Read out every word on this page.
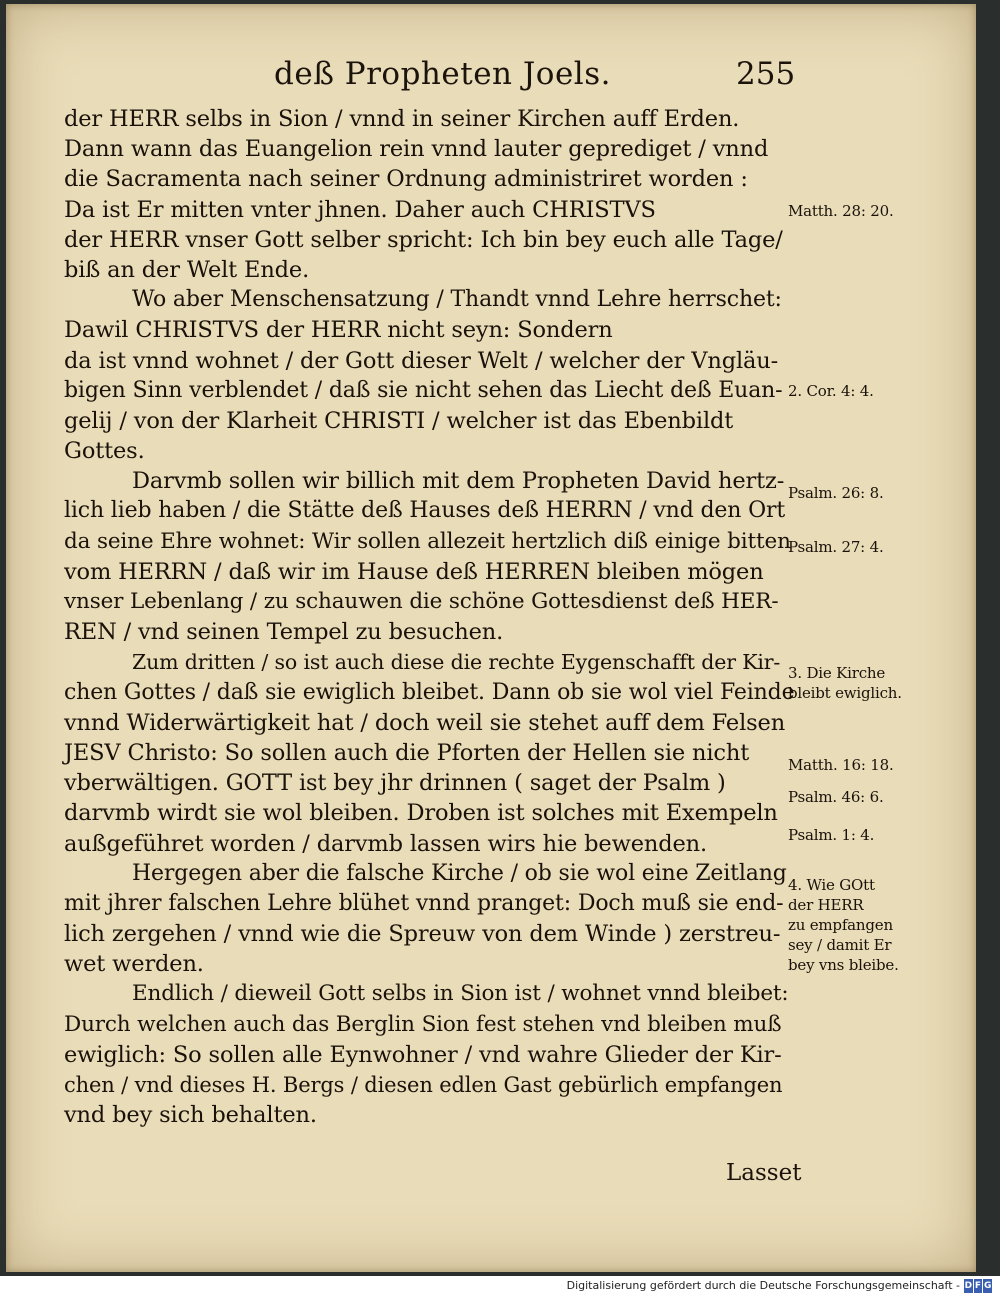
deß Propheten Joels.	255
der HERR selbs in Sion / vnnd in seiner Kirchen auff Erden.
Dann wann das Euangelion rein vnnd lauter geprediget / vnnd
die Sacramenta nach seiner Ordnung administriret worden :
Da ist Er mitten vnter jhnen. Daher auch CHRISTVS
der HERR vnser Gott selber spricht: Ich bin bey euch alle Tage/
biß an der Welt Ende.
Wo aber Menschensatzung / Thandt vnnd Lehre herrschet:
Dawil CHRISTVS der HERR nicht seyn: Sondern
da ist vnnd wohnet / der Gott dieser Welt / welcher der Vngläu-
bigen Sinn verblendet / daß sie nicht sehen das Liecht deß Euan-
gelij / von der Klarheit CHRISTI / welcher ist das Ebenbildt
Gottes.
Darvmb sollen wir billich mit dem Propheten David hertz-
lich lieb haben / die Stätte deß Hauses deß HERRN / vnd den Ort
da seine Ehre wohnet: Wir sollen allezeit hertzlich diß einige bitten
vom HERRN / daß wir im Hause deß HERREN bleiben mögen
vnser Lebenlang / zu schauwen die schöne Gottesdienst deß HER-
REN / vnd seinen Tempel zu besuchen.
Zum dritten / so ist auch diese die rechte Eygenschafft der Kir-
chen Gottes / daß sie ewiglich bleibet. Dann ob sie wol viel Feinde
vnnd Widerwärtigkeit hat / doch weil sie stehet auff dem Felsen
JESV Christo: So sollen auch die Pforten der Hellen sie nicht
vberwältigen. GOTT ist bey jhr drinnen ( saget der Psalm )
darvmb wirdt sie wol bleiben. Droben ist solches mit Exempeln
außgeführet worden / darvmb lassen wirs hie bewenden.
Hergegen aber die falsche Kirche / ob sie wol eine Zeitlang
mit jhrer falschen Lehre blühet vnnd pranget: Doch muß sie end-
lich zergehen / vnnd wie die Spreuw von dem Winde ) zerstreu-
wet werden.
Endlich / dieweil Gott selbs in Sion ist / wohnet vnnd bleibet:
Durch welchen auch das Berglin Sion fest stehen vnd bleiben muß
ewiglich: So sollen alle Eynwohner / vnd wahre Glieder der Kir-
chen / vnd dieses H. Bergs / diesen edlen Gast gebürlich empfangen
vnd bey sich behalten.
Matth. 28: 20.
2. Cor. 4: 4.
Psalm. 26: 8.
Psalm. 27: 4.
3. Die Kirche
bleibt ewiglich.
Matth. 16: 18.
Psalm. 46: 6.
Psalm. 1: 4.
4. Wie GOtt
der HERR
zu empfangen
sey / damit Er
bey vns bleibe.
Lasset
Digitalisierung gefördert durch die Deutsche Forschungsgemeinschaft - D F G
